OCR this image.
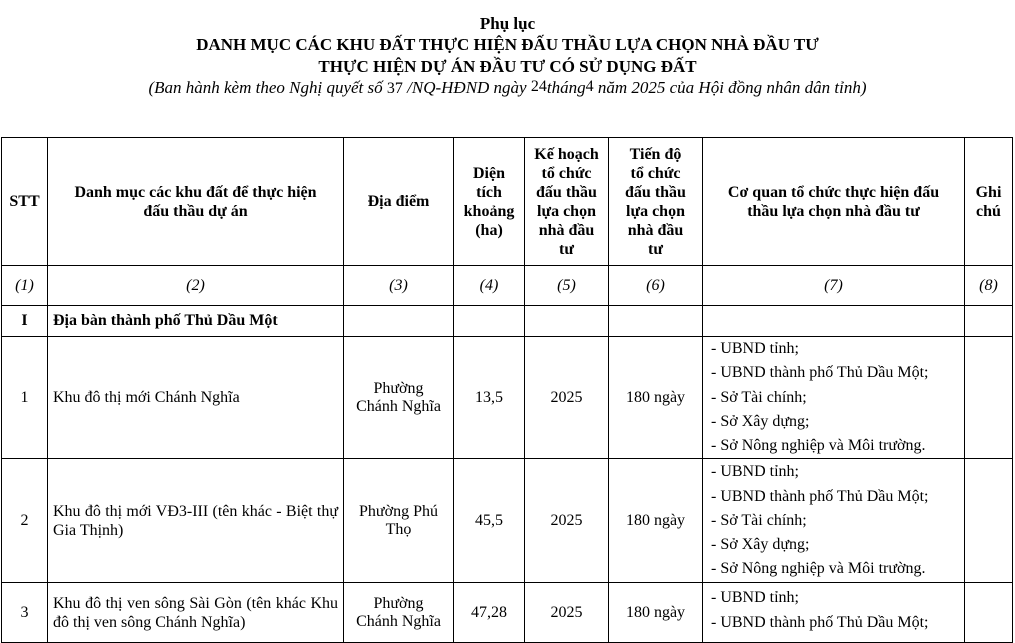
Phụ lục
DANH MỤC CÁC KHU ĐẤT THỰC HIỆN ĐẤU THẦU LỰA CHỌN NHÀ ĐẦU TƯ
THỰC HIỆN DỰ ÁN ĐẦU TƯ CÓ SỬ DỤNG ĐẤT
(Ban hành kèm theo Nghị quyết số 37 /NQ-HĐND ngày 24tháng4 năm 2025 của Hội đồng nhân dân tỉnh)
STT	Danh mục các khu đất để thực hiện đấu thầu dự án	Địa điểm	Diện tích khoảng (ha)	Kế hoạch tổ chức đấu thầu lựa chọn nhà đầu tư	Tiến độ tổ chức đấu thầu lựa chọn nhà đầu tư	Cơ quan tổ chức thực hiện đấu thầu lựa chọn nhà đầu tư	Ghi chú
(1)	(2)	(3)	(4)	(5)	(6)	(7)	(8)
I	Địa bàn thành phố Thủ Dầu Một						
1	Khu đô thị mới Chánh Nghĩa	Phường Chánh Nghĩa	13,5	2025	180 ngày	- UBND tỉnh;
- UBND thành phố Thủ Dầu Một;
- Sở Tài chính;
- Sở Xây dựng;
- Sở Nông nghiệp và Môi trường.	

2	Khu đô thị mới VĐ3-III (tên khác - Biệt thự Gia Thịnh)	Phường Phú Thọ	45,5	2025	180 ngày	- UBND tỉnh;
- UBND thành phố Thủ Dầu Một;
- Sở Tài chính;
- Sở Xây dựng;
- Sở Nông nghiệp và Môi trường.	

3	Khu đô thị ven sông Sài Gòn (tên khác Khu đô thị ven sông Chánh Nghĩa)	Phường Chánh Nghĩa	47,28	2025	180 ngày	- UBND tỉnh;
- UBND thành phố Thủ Dầu Một;	
